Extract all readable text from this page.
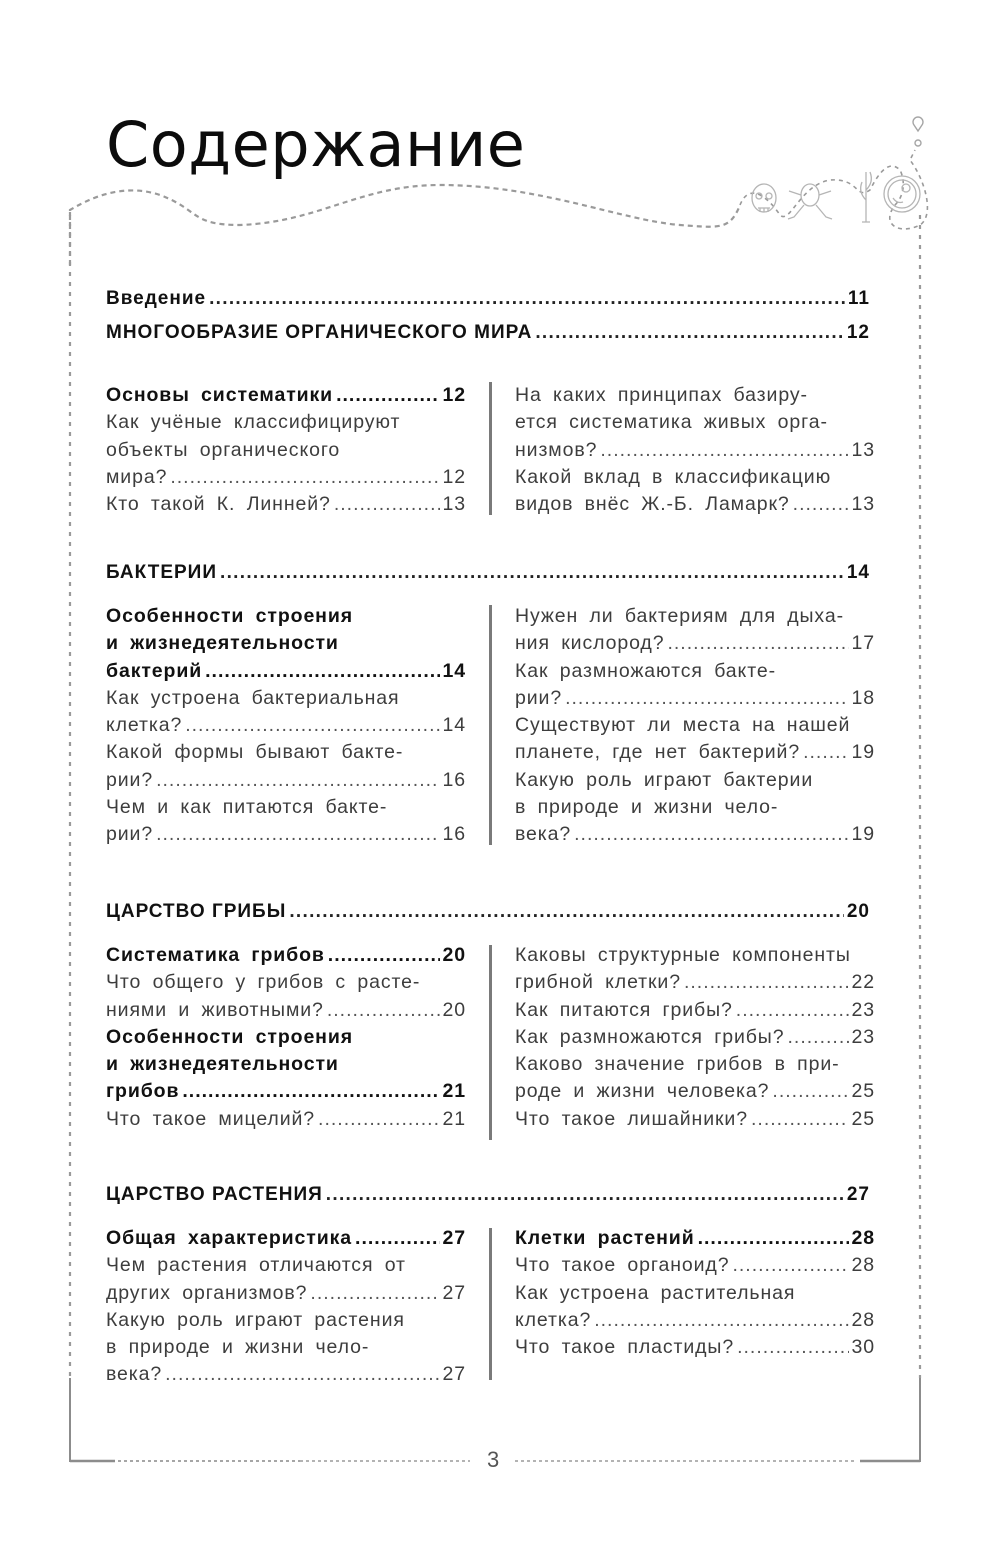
Содержание
Введение .....	11
МНОГООБРАЗИЕ ОРГАНИЧЕСКОГО МИРА .....	12
Основы систематики .....	12
Как учёные классифицируют
объекты органического
мира? .....	12
Кто такой К. Линней? .....	13
На каких принципах базиру-
ется систематика живых орга-
низмов? .....	13
Какой вклад в классификацию
видов внёс Ж.-Б. Ламарк? .....	13
БАКТЕРИИ .....	14
Особенности строения
и жизнедеятельности
бактерий .....	14
Как устроена бактериальная
клетка? .....	14
Какой формы бывают бакте-
рии? .....	16
Чем и как питаются бакте-
рии? .....	16
Нужен ли бактериям для дыха-
ния кислород? .....	17
Как размножаются бакте-
рии? .....	18
Существуют ли места на нашей
планете, где нет бактерий? .....	19
Какую роль играют бактерии
в природе и жизни чело-
века? .....	19
ЦАРСТВО ГРИБЫ .....	20
Систематика грибов .....	20
Что общего у грибов с расте-
ниями и животными? .....	20
Особенности строения
и жизнедеятельности
грибов .....	21
Что такое мицелий? .....	21
Каковы структурные компоненты
грибной клетки? .....	22
Как питаются грибы? .....	23
Как размножаются грибы? .....	23
Каково значение грибов в при-
роде и жизни человека? .....	25
Что такое лишайники? .....	25
ЦАРСТВО РАСТЕНИЯ .....	27
Общая характеристика .....	27
Чем растения отличаются от
других организмов? .....	27
Какую роль играют растения
в природе и жизни чело-
века? .....	27
Клетки растений .....	28
Что такое органоид? .....	28
Как устроена растительная
клетка? .....	28
Что такое пластиды? .....	30
3
